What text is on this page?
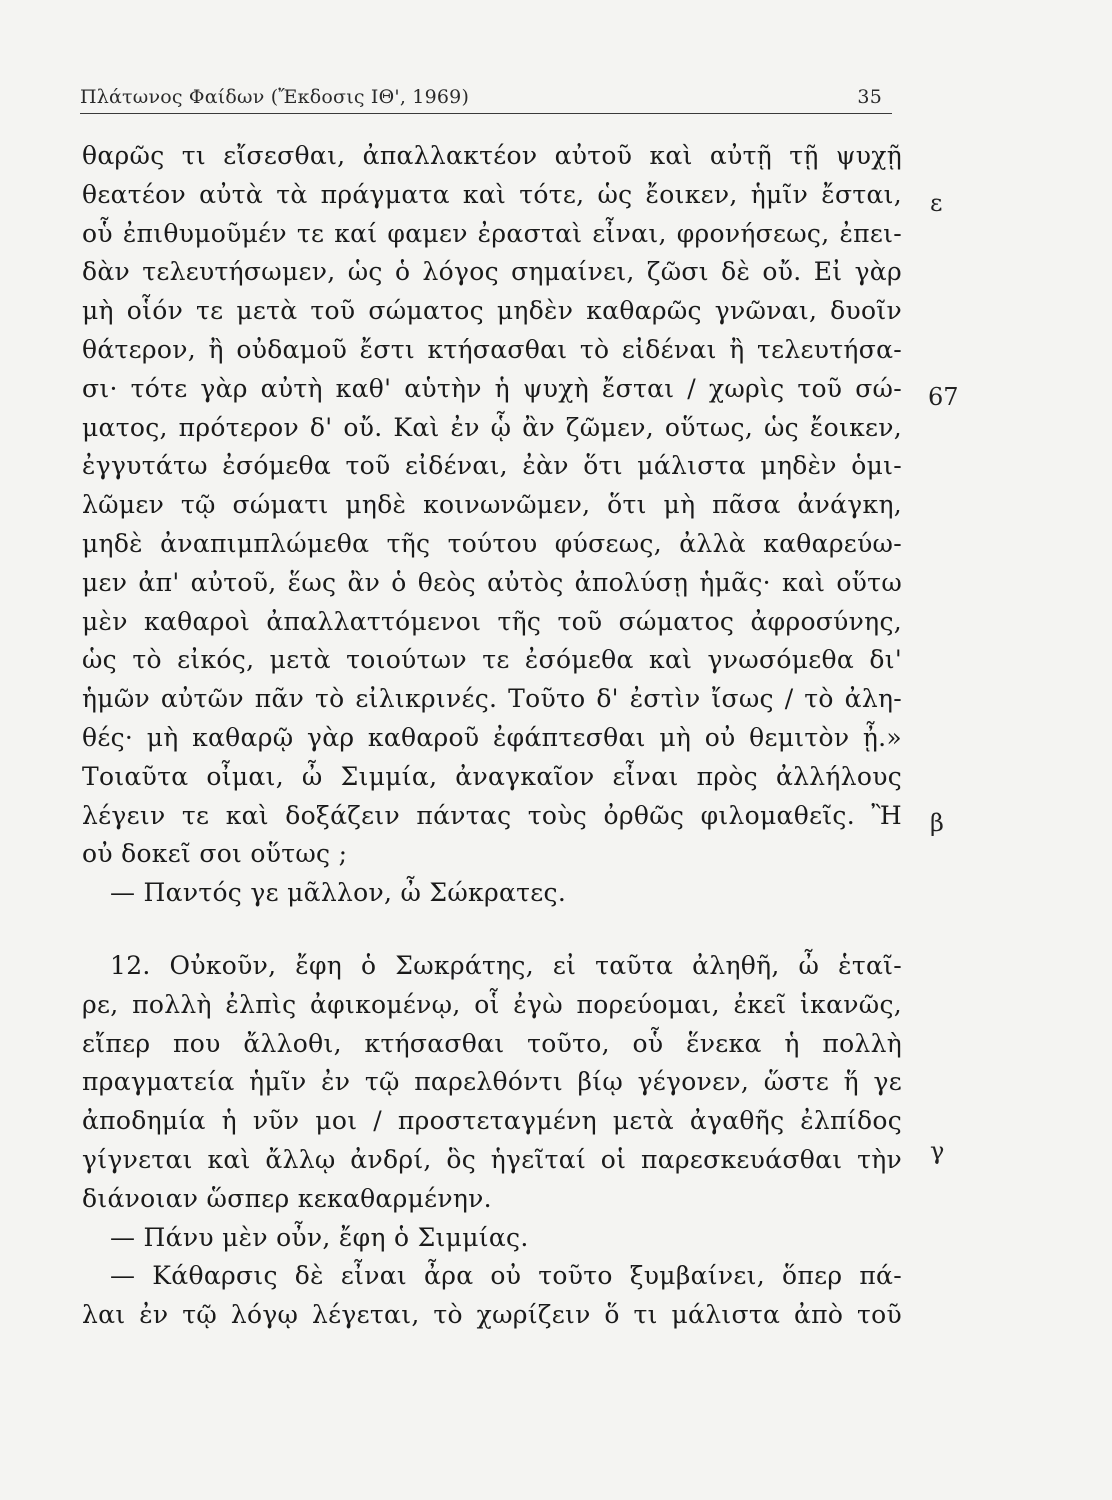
Πλάτωνος Φαίδων (Ἔκδοσις ΙΘ', 1969)	35
θαρῶς τι εἴσεσθαι, ἀπαλλακτέον αὐτοῦ καὶ αὐτῇ τῇ ψυχῇ
θεατέον αὐτὰ τὰ πράγματα καὶ τότε, ὡς ἔοικεν, ἡμῖν ἔσται,
οὗ ἐπιθυμοῦμέν τε καί φαμεν ἐρασταὶ εἶναι, φρονήσεως, ἐπει-
δὰν τελευτήσωμεν, ὡς ὁ λόγος σημαίνει, ζῶσι δὲ οὔ. Εἰ γὰρ
μὴ οἷόν τε μετὰ τοῦ σώματος μηδὲν καθαρῶς γνῶναι, δυοῖν
θάτερον, ἢ οὐδαμοῦ ἔστι κτήσασθαι τὸ εἰδέναι ἢ τελευτήσα-
σι· τότε γὰρ αὐτὴ καθ' αὑτὴν ἡ ψυχὴ ἔσται / χωρὶς τοῦ σώ-
ματος, πρότερον δ' οὔ. Καὶ ἐν ᾧ ἂν ζῶμεν, οὕτως, ὡς ἔοικεν,
ἐγγυτάτω ἐσόμεθα τοῦ εἰδέναι, ἐὰν ὅτι μάλιστα μηδὲν ὁμι-
λῶμεν τῷ σώματι μηδὲ κοινωνῶμεν, ὅτι μὴ πᾶσα ἀνάγκη,
μηδὲ ἀναπιμπλώμεθα τῆς τούτου φύσεως, ἀλλὰ καθαρεύω-
μεν ἀπ' αὐτοῦ, ἕως ἂν ὁ θεὸς αὐτὸς ἀπολύσῃ ἡμᾶς· καὶ οὕτω
μὲν καθαροὶ ἀπαλλαττόμενοι τῆς τοῦ σώματος ἀφροσύνης,
ὡς τὸ εἰκός, μετὰ τοιούτων τε ἐσόμεθα καὶ γνωσόμεθα δι'
ἡμῶν αὐτῶν πᾶν τὸ εἰλικρινές. Τοῦτο δ' ἐστὶν ἴσως / τὸ ἀλη-
θές· μὴ καθαρῷ γὰρ καθαροῦ ἐφάπτεσθαι μὴ οὐ θεμιτὸν ᾖ.»
Τοιαῦτα οἶμαι, ὦ Σιμμία, ἀναγκαῖον εἶναι πρὸς ἀλλήλους
λέγειν τε καὶ δοξάζειν πάντας τοὺς ὀρθῶς φιλομαθεῖς. Ἢ
οὐ δοκεῖ σοι οὕτως ;
— Παντός γε μᾶλλον, ὦ Σώκρατες.
12. Οὐκοῦν, ἔφη ὁ Σωκράτης, εἰ ταῦτα ἀληθῆ, ὦ ἑταῖ-
ρε, πολλὴ ἐλπὶς ἀφικομένῳ, οἷ ἐγὼ πορεύομαι, ἐκεῖ ἱκανῶς,
εἴπερ που ἄλλοθι, κτήσασθαι τοῦτο, οὗ ἕνεκα ἡ πολλὴ
πραγματεία ἡμῖν ἐν τῷ παρελθόντι βίῳ γέγονεν, ὥστε ἥ γε
ἀποδημία ἡ νῦν μοι / προστεταγμένη μετὰ ἀγαθῆς ἐλπίδος
γίγνεται καὶ ἄλλῳ ἀνδρί, ὃς ἡγεῖταί οἱ παρεσκευάσθαι τὴν
διάνοιαν ὥσπερ κεκαθαρμένην.
— Πάνυ μὲν οὖν, ἔφη ὁ Σιμμίας.
— Κάθαρσις δὲ εἶναι ἆρα οὐ τοῦτο ξυμβαίνει, ὅπερ πά-
λαι ἐν τῷ λόγῳ λέγεται, τὸ χωρίζειν ὅ τι μάλιστα ἀπὸ τοῦ
ε
67
β
γ
